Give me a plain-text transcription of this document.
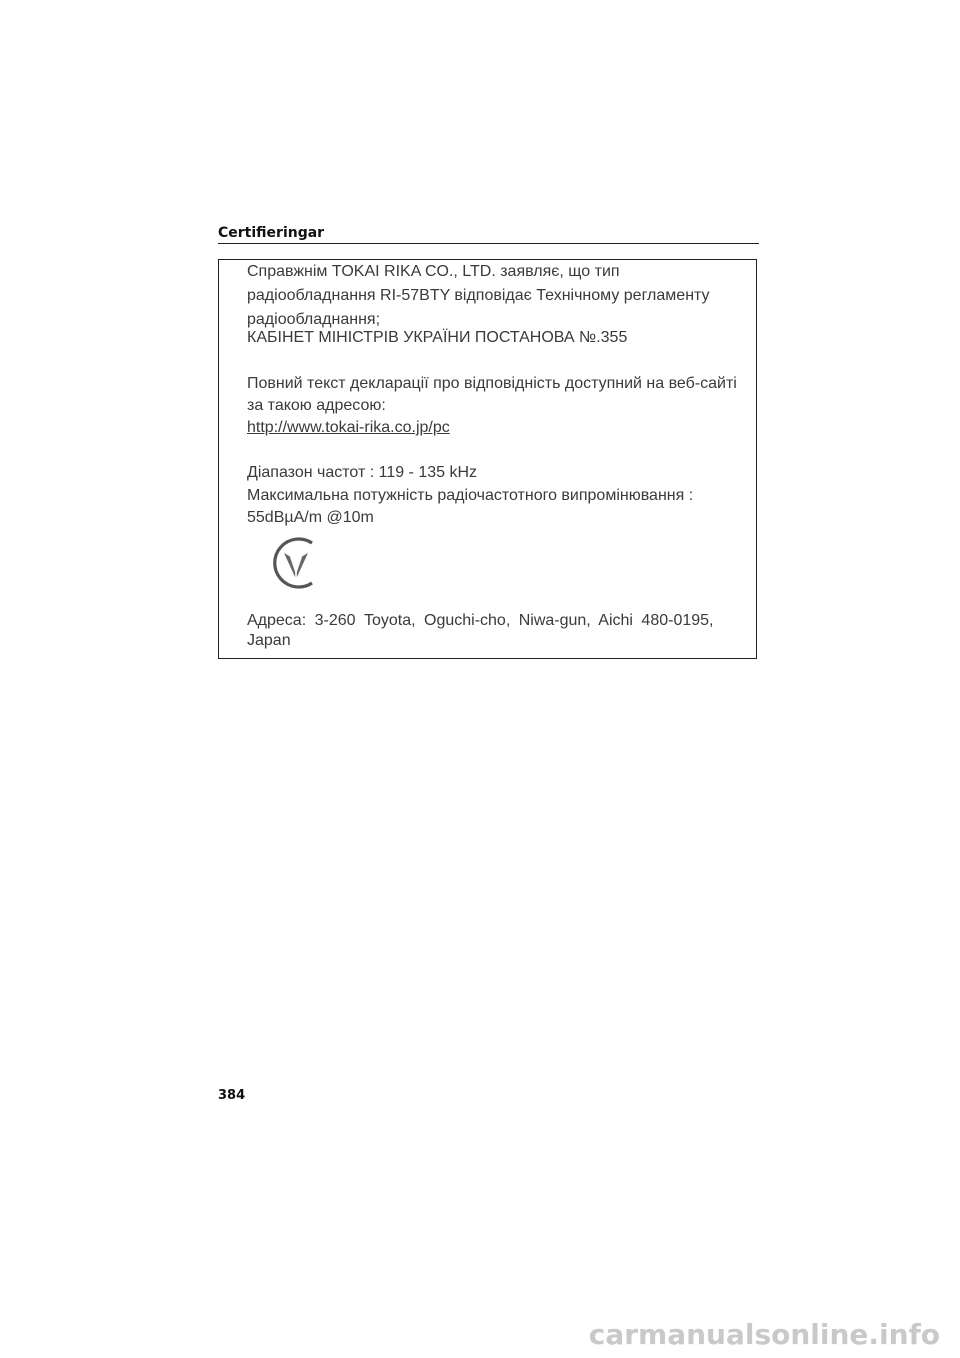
Certifieringar
Справжнім TOKAI RIKA CO., LTD. заявляє, що тип
радіообладнання RI-57BTY відповідає Технічному регламенту
радіообладнання;
КАБІНЕТ МІНІСТРІВ УКРАЇНИ ПОСТАНОВА №.355
Повний текст декларації про відповідність доступний на веб-сайті
за такою адресою:
http://www.tokai-rika.co.jp/pc
Діапазон частот : 119 - 135 kHz
Максимальна потужність радіочастотного випромінювання :
55dBµA/m @10m
Адреса: 3-260 Toyota, Oguchi-cho, Niwa-gun, Aichi 480-0195,
Japan
384
carmanualsonline.info
